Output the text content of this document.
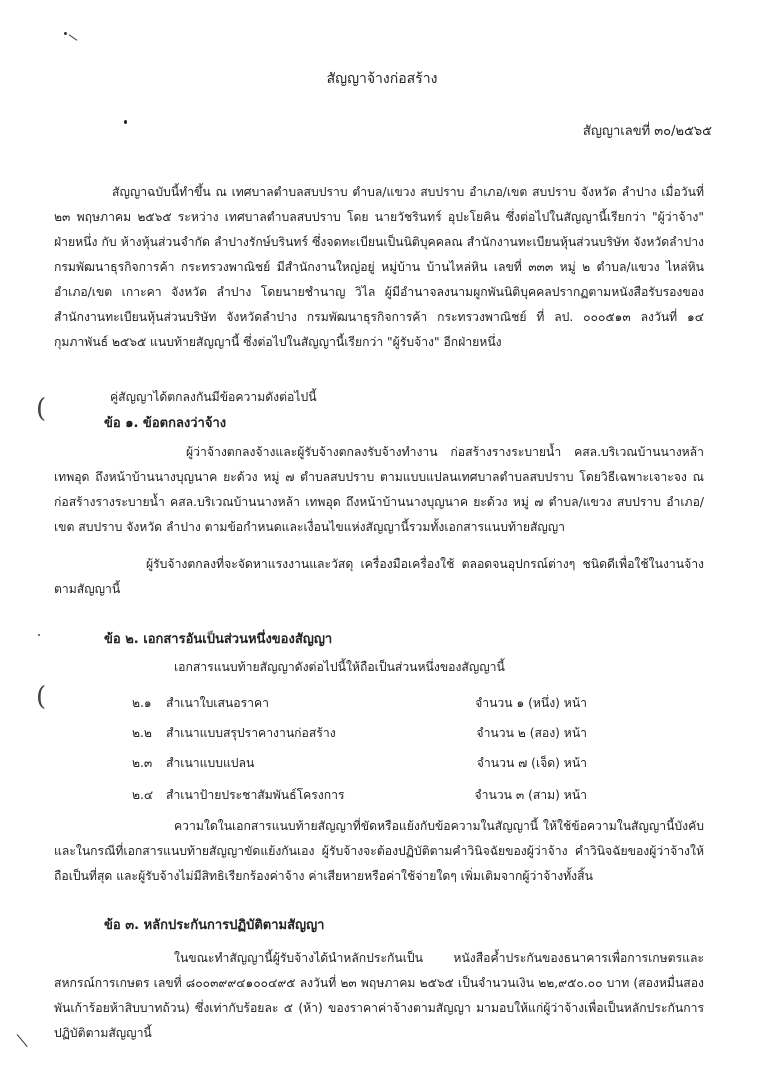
(
(
สัญญาจ้างก่อสร้าง
สัญญาเลขที่ ๓๐/๒๕๖๕
สัญญาฉบับนี้ทำขึ้น ณ เทศบาลตำบลสบปราบ ตำบล/แขวง สบปราบ อำเภอ/เขต สบปราบ จังหวัด ลำปาง เมื่อวันที่ ๒๓ พฤษภาคม ๒๕๖๕ ระหว่าง เทศบาลตำบลสบปราบ โดย นายวัชรินทร์ อุปะโยคิน ซึ่งต่อไปในสัญญานี้เรียกว่า "ผู้ว่าจ้าง" ฝ่ายหนึ่ง กับ ห้างหุ้นส่วนจำกัด ลำปางรักษ์บรินทร์ ซึ่งจดทะเบียนเป็นนิติบุคคลณ สำนักงานทะเบียนหุ้นส่วนบริษัท จังหวัดลำปาง กรมพัฒนาธุรกิจการค้า กระทรวงพาณิชย์ มีสำนักงานใหญ่อยู่ หมู่บ้าน บ้านไหล่หิน เลขที่ ๓๓๓ หมู่ ๒ ตำบล/แขวง ไหล่หิน อำเภอ/เขต เกาะคา จังหวัด ลำปาง โดยนายชำนาญ วิไล ผู้มีอำนาจลงนามผูกพันนิติบุคคลปรากฏตามหนังสือรับรองของสำนักงานทะเบียนหุ้นส่วนบริษัท จังหวัดลำปาง กรมพัฒนาธุรกิจการค้า กระทรวงพาณิชย์ ที่ ลป. ๐๐๐๕๑๓ ลงวันที่ ๑๔ กุมภาพันธ์ ๒๕๖๕ แนบท้ายสัญญานี้ ซึ่งต่อไปในสัญญานี้เรียกว่า "ผู้รับจ้าง" อีกฝ่ายหนึ่ง
คู่สัญญาได้ตกลงกันมีข้อความดังต่อไปนี้
ข้อ ๑. ข้อตกลงว่าจ้าง
ผู้ว่าจ้างตกลงจ้างและผู้รับจ้างตกลงรับจ้างทำงาน ก่อสร้างรางระบายน้ำ คสล.บริเวณบ้านนางหล้า เทพอุด ถึงหน้าบ้านนางบุญนาค ยะด้วง หมู่ ๗ ตำบลสบปราบ ตามแบบแปลนเทศบาลตำบลสบปราบ โดยวิธีเฉพาะเจาะจง ณ ก่อสร้างรางระบายน้ำ คสล.บริเวณบ้านนางหล้า เทพอุด ถึงหน้าบ้านนางบุญนาค ยะด้วง หมู่ ๗ ตำบล/แขวง สบปราบ อำเภอ/เขต สบปราบ จังหวัด ลำปาง ตามข้อกำหนดและเงื่อนไขแห่งสัญญานี้รวมทั้งเอกสารแนบท้ายสัญญา
ผู้รับจ้างตกลงที่จะจัดหาแรงงานและวัสดุ เครื่องมือเครื่องใช้ ตลอดจนอุปกรณ์ต่างๆ ชนิดดีเพื่อใช้ในงานจ้างตามสัญญานี้
ข้อ ๒. เอกสารอันเป็นส่วนหนึ่งของสัญญา
เอกสารแนบท้ายสัญญาดังต่อไปนี้ให้ถือเป็นส่วนหนึ่งของสัญญานี้
๒.๑ สำเนาใบเสนอราคา	จำนวน ๑ (หนึ่ง) หน้า
๒.๒ สำเนาแบบสรุปราคางานก่อสร้าง	จำนวน ๒ (สอง) หน้า
๒.๓ สำเนาแบบแปลน	จำนวน ๗ (เจ็ด) หน้า
๒.๔ สำเนาป้ายประชาสัมพันธ์โครงการ	จำนวน ๓ (สาม) หน้า
ความใดในเอกสารแนบท้ายสัญญาที่ขัดหรือแย้งกับข้อความในสัญญานี้ ให้ใช้ข้อความในสัญญานี้บังคับ และในกรณีที่เอกสารแนบท้ายสัญญาขัดแย้งกันเอง ผู้รับจ้างจะต้องปฏิบัติตามคำวินิจฉัยของผู้ว่าจ้าง คำวินิจฉัยของผู้ว่าจ้างให้ถือเป็นที่สุด และผู้รับจ้างไม่มีสิทธิเรียกร้องค่าจ้าง ค่าเสียหายหรือค่าใช้จ่ายใดๆ เพิ่มเติมจากผู้ว่าจ้างทั้งสิ้น
ข้อ ๓. หลักประกันการปฏิบัติตามสัญญา
ในขณะทำสัญญานี้ผู้รับจ้างได้นำหลักประกันเป็น หนังสือค้ำประกันของธนาคารเพื่อการเกษตรและสหกรณ์การเกษตร เลขที่ ๘๐๐๓๙๙๔๑๐๐๔๙๕ ลงวันที่ ๒๓ พฤษภาคม ๒๕๖๕ เป็นจำนวนเงิน ๒๒,๙๕๐.๐๐ บาท (สองหมื่นสองพันเก้าร้อยห้าสิบบาทถ้วน) ซึ่งเท่ากับร้อยละ ๕ (ห้า) ของราคาค่าจ้างตามสัญญา มามอบให้แก่ผู้ว่าจ้างเพื่อเป็นหลักประกันการปฏิบัติตามสัญญานี้
